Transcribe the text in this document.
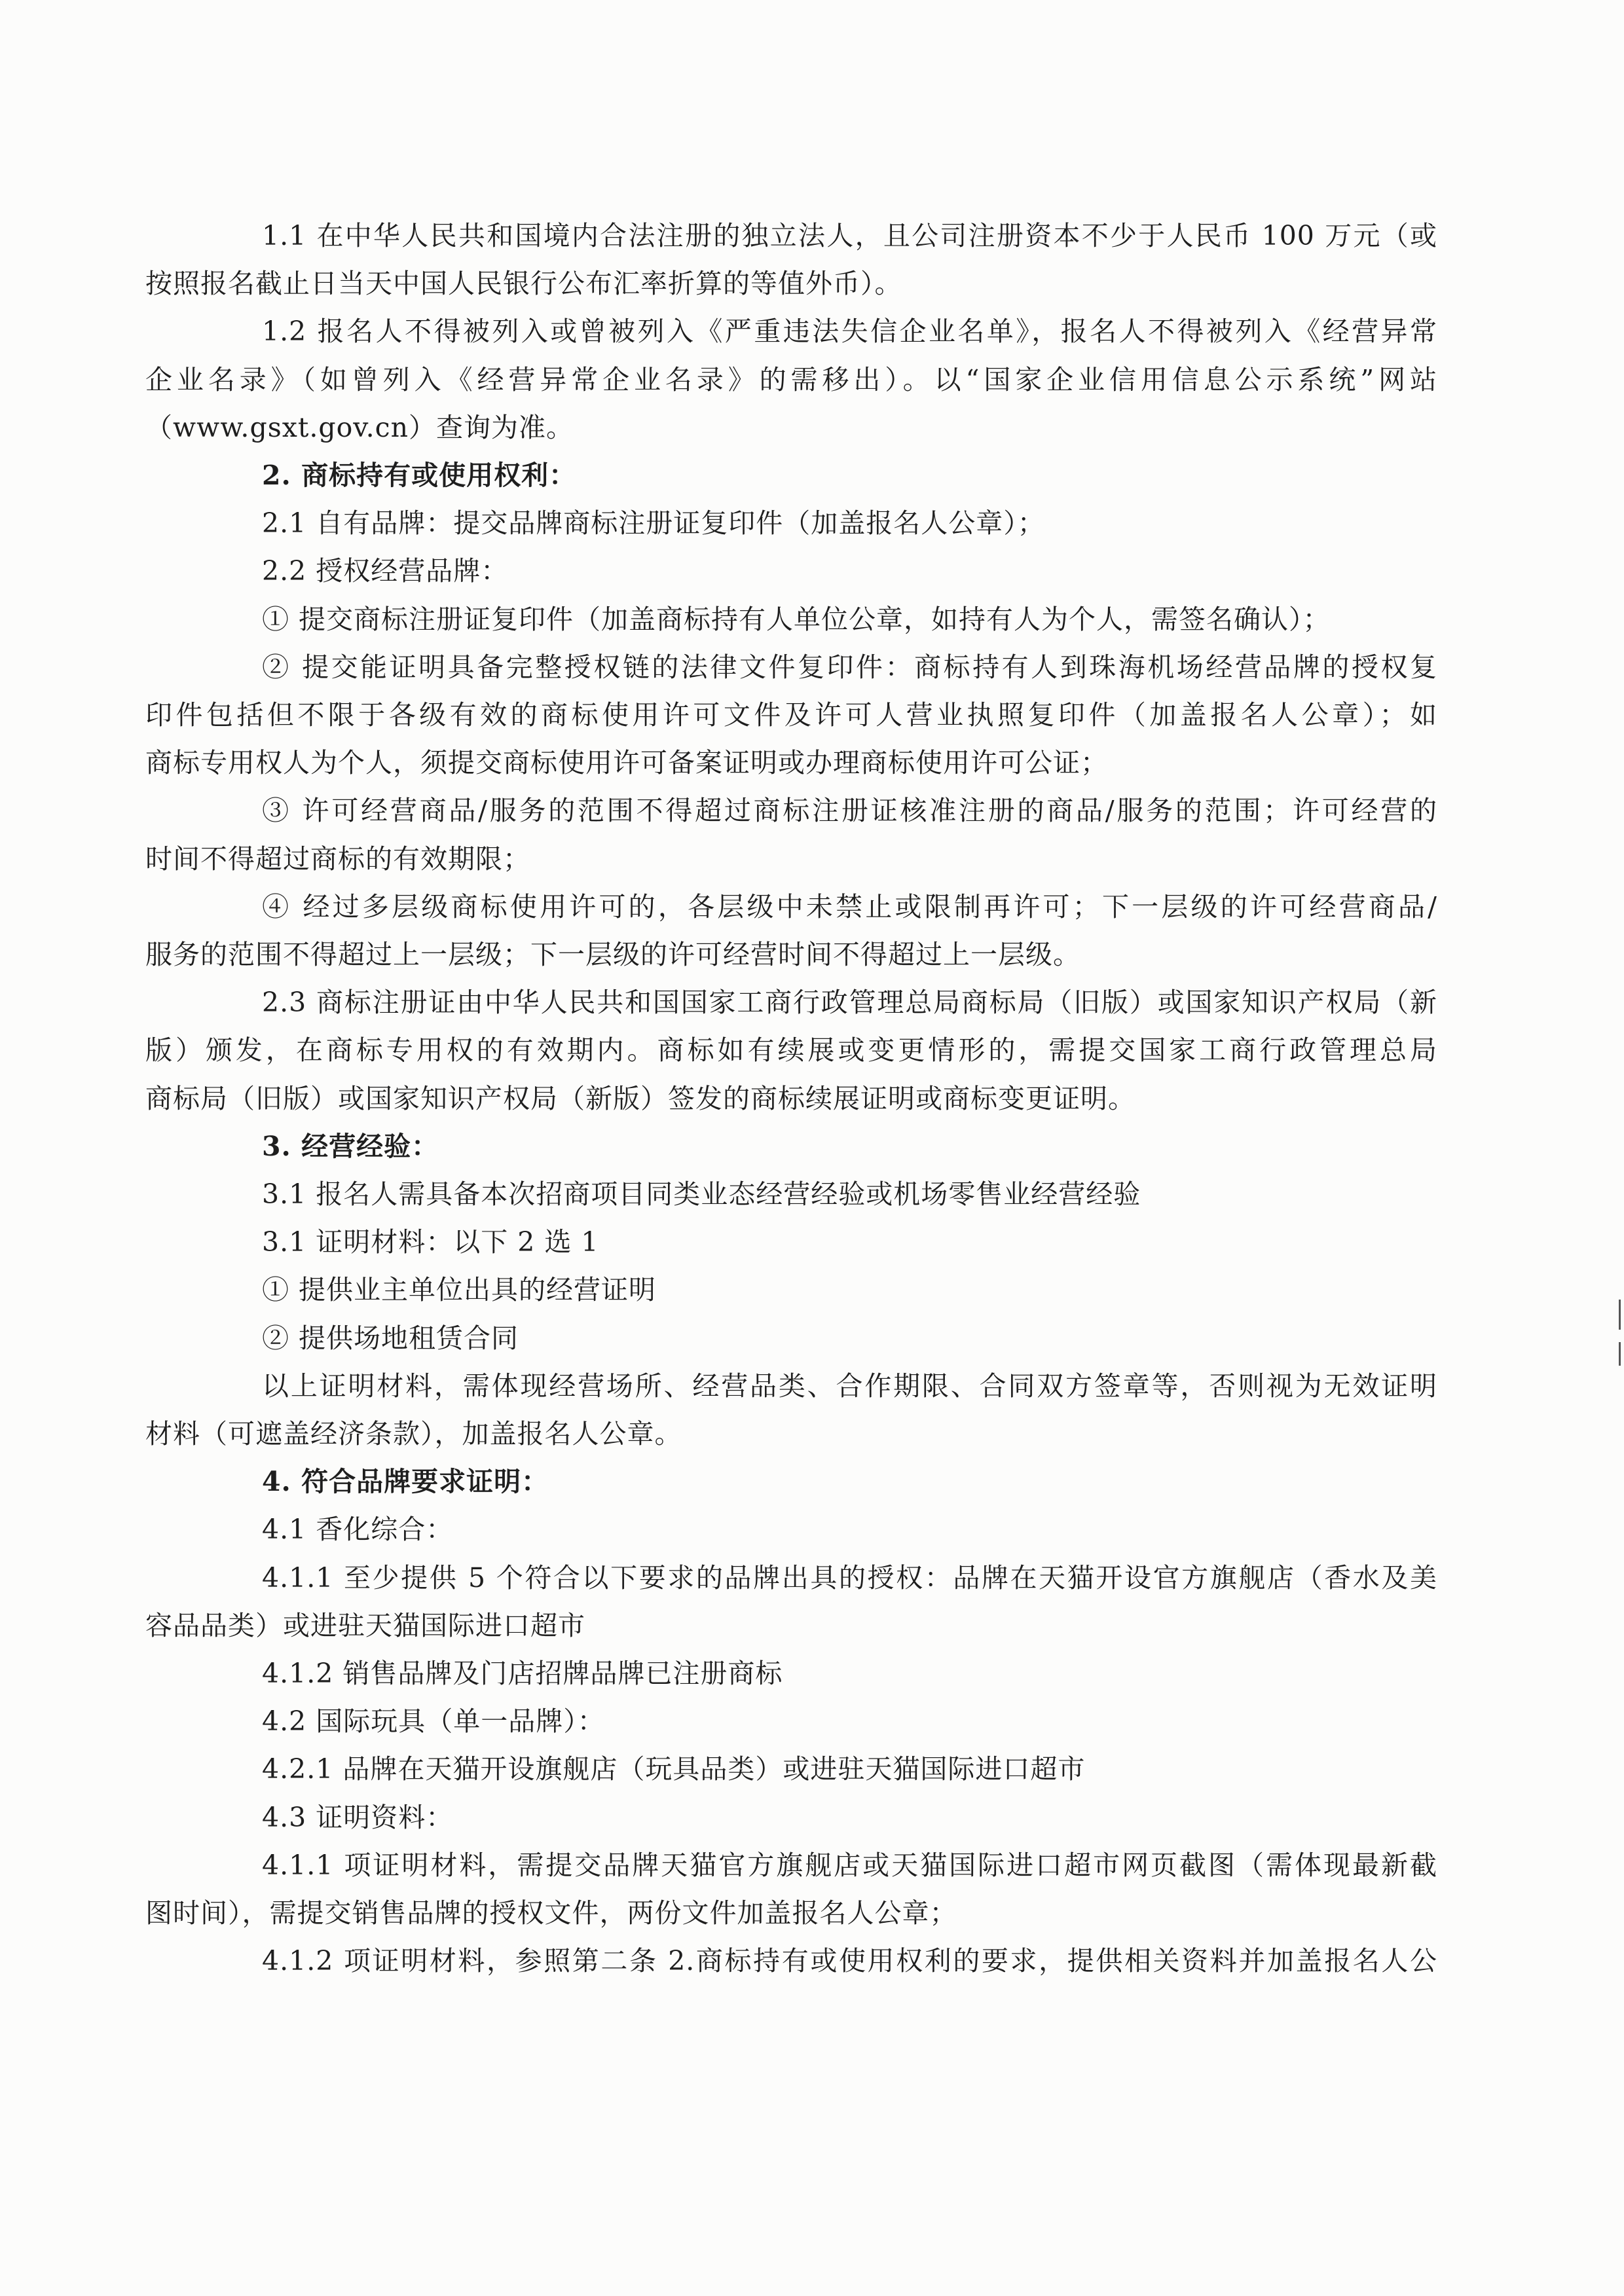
1.1 在中华人民共和国境内合法注册的独立法人，且公司注册资本不少于人民币 100 万元（或
按照报名截止日当天中国人民银行公布汇率折算的等值外币）。
1.2 报名人不得被列入或曾被列入《严重违法失信企业名单》，报名人不得被列入《经营异常
企业名录》（如曾列入《经营异常企业名录》的需移出）。以“国家企业信用信息公示系统”网站
（www.gsxt.gov.cn）查询为准。
2. 商标持有或使用权利：
2.1 自有品牌：提交品牌商标注册证复印件（加盖报名人公章）；
2.2 授权经营品牌：
① 提交商标注册证复印件（加盖商标持有人单位公章，如持有人为个人，需签名确认）；
② 提交能证明具备完整授权链的法律文件复印件：商标持有人到珠海机场经营品牌的授权复
印件包括但不限于各级有效的商标使用许可文件及许可人营业执照复印件（加盖报名人公章）；如
商标专用权人为个人，须提交商标使用许可备案证明或办理商标使用许可公证；
③ 许可经营商品/服务的范围不得超过商标注册证核准注册的商品/服务的范围；许可经营的
时间不得超过商标的有效期限；
④ 经过多层级商标使用许可的，各层级中未禁止或限制再许可；下一层级的许可经营商品/
服务的范围不得超过上一层级；下一层级的许可经营时间不得超过上一层级。
2.3 商标注册证由中华人民共和国国家工商行政管理总局商标局（旧版）或国家知识产权局（新
版）颁发，在商标专用权的有效期内。商标如有续展或变更情形的，需提交国家工商行政管理总局
商标局（旧版）或国家知识产权局（新版）签发的商标续展证明或商标变更证明。
3. 经营经验：
3.1 报名人需具备本次招商项目同类业态经营经验或机场零售业经营经验
3.1 证明材料：以下 2 选 1
① 提供业主单位出具的经营证明
② 提供场地租赁合同
以上证明材料，需体现经营场所、经营品类、合作期限、合同双方签章等，否则视为无效证明
材料（可遮盖经济条款），加盖报名人公章。
4. 符合品牌要求证明：
4.1 香化综合：
4.1.1 至少提供 5 个符合以下要求的品牌出具的授权：品牌在天猫开设官方旗舰店（香水及美
容品品类）或进驻天猫国际进口超市
4.1.2 销售品牌及门店招牌品牌已注册商标
4.2 国际玩具（单一品牌）：
4.2.1 品牌在天猫开设旗舰店（玩具品类）或进驻天猫国际进口超市
4.3 证明资料：
4.1.1 项证明材料，需提交品牌天猫官方旗舰店或天猫国际进口超市网页截图（需体现最新截
图时间），需提交销售品牌的授权文件，两份文件加盖报名人公章；
4.1.2 项证明材料，参照第二条 2.商标持有或使用权利的要求，提供相关资料并加盖报名人公
